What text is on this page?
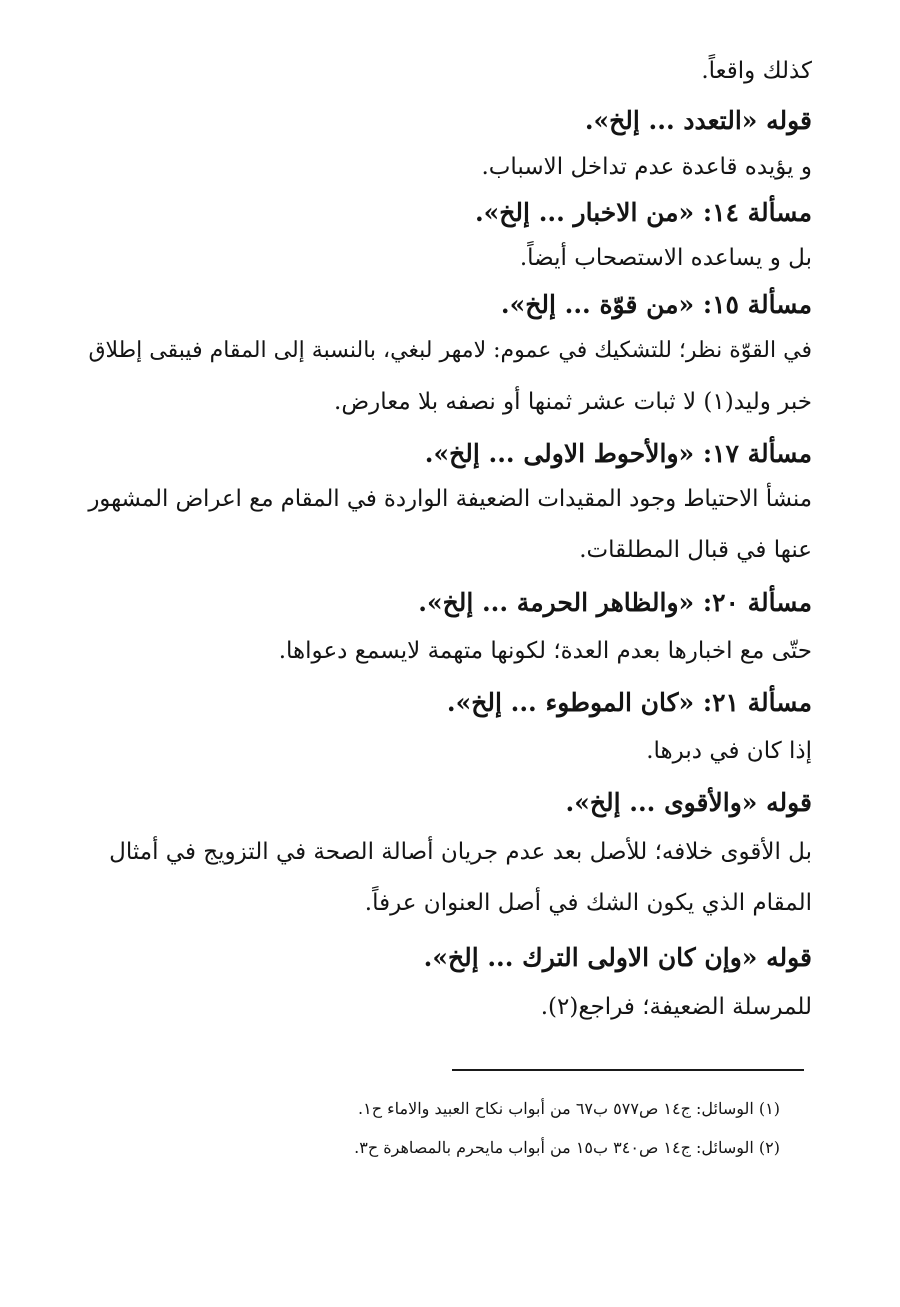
كذلك واقعاً.
قوله «التعدد ... إلخ».
و يؤيده قاعدة عدم تداخل الاسباب.
مسألة ١٤: «من الاخبار ... إلخ».
بل و يساعده الاستصحاب أيضاً.
مسألة ١٥: «من قوّة ... إلخ».
في القوّة نظر؛ للتشكيك في عموم: لامهر لبغي، بالنسبة إلى المقام فيبقى إطلاق
خبر وليد(١) لا ثبات عشر ثمنها أو نصفه بلا معارض.
مسألة ١٧: «والأحوط الاولى ... إلخ».
منشأ الاحتياط وجود المقيدات الضعيفة الواردة في المقام مع اعراض المشهور
عنها في قبال المطلقات.
مسألة ٢٠: «والظاهر الحرمة ... إلخ».
حتّى مع اخبارها بعدم العدة؛ لكونها متهمة لايسمع دعواها.
مسألة ٢١: «كان الموطوء ... إلخ».
إذا كان في دبرها.
قوله «والأقوى ... إلخ».
بل الأقوى خلافه؛ للأصل بعد عدم جريان أصالة الصحة في التزويج في أمثال
المقام الذي يكون الشك في أصل العنوان عرفاً.
قوله «وإن كان الاولى الترك ... إلخ».
للمرسلة الضعيفة؛ فراجع(٢).
(١) الوسائل: ج١٤ ص٥٧٧ ب٦٧ من أبواب نكاح العبيد والاماء ح١.
(٢) الوسائل: ج١٤ ص٣٤٠ ب١٥ من أبواب مايحرم بالمصاهرة ح٣.
